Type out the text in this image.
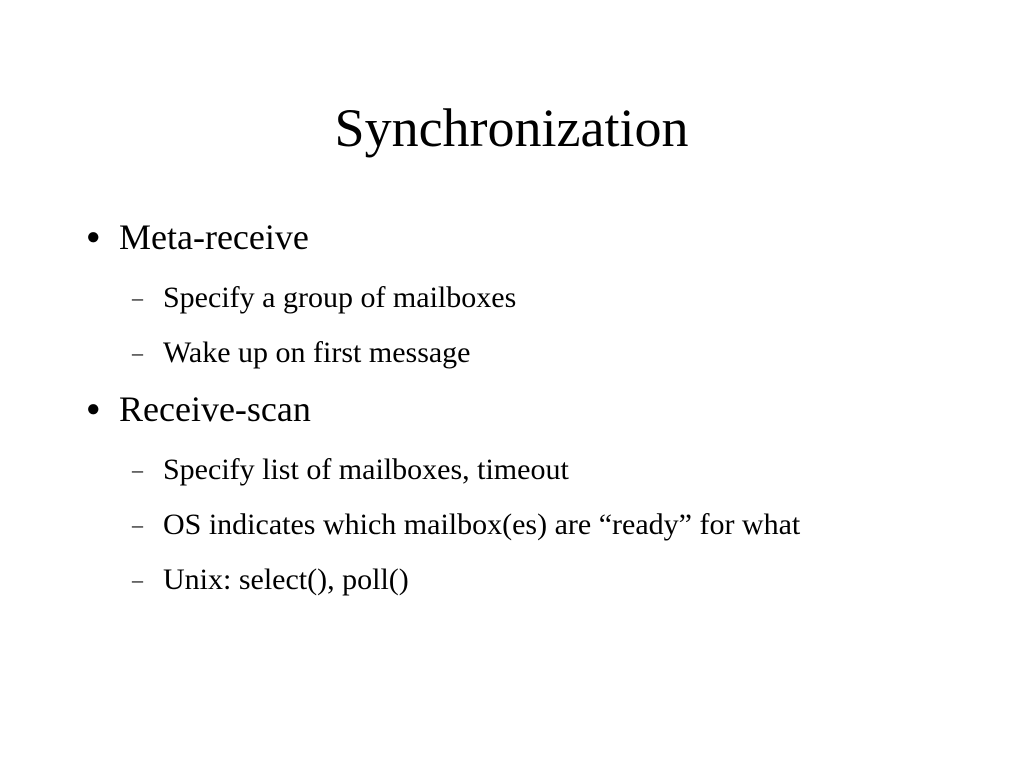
Synchronization
● Meta-receive
– Specify a group of mailboxes
– Wake up on first message
● Receive-scan
– Specify list of mailboxes, timeout
– OS indicates which mailbox(es) are “ready” for what
– Unix: select(), poll()
